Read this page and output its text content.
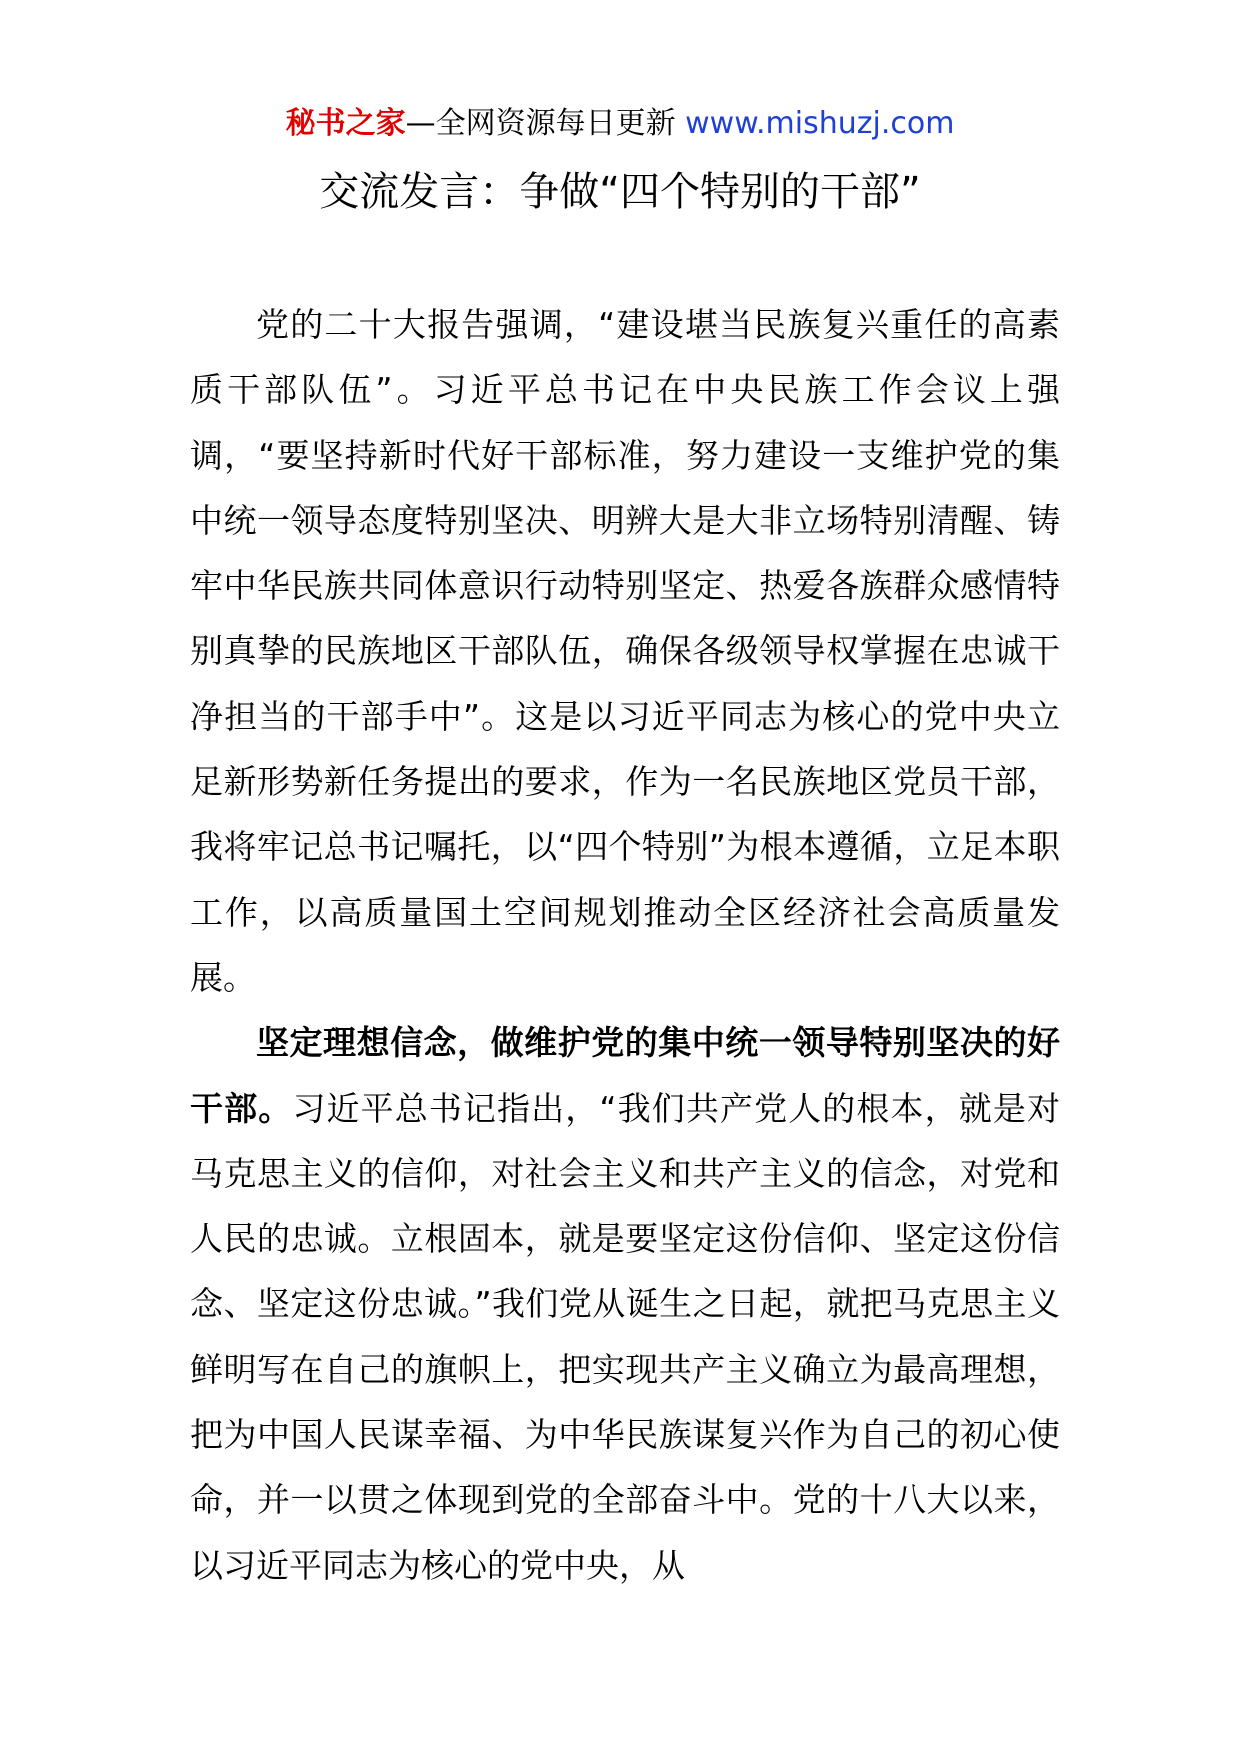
秘书之家—全网资源每日更新 www.mishuzj.com
交流发言：争做“四个特别的干部”

党的二十大报告强调，“建设堪当民族复兴重任的高素质干部队伍”。习近平总书记在中央民族工作会议上强调，“要坚持新时代好干部标准，努力建设一支维护党的集中统一领导态度特别坚决、明辨大是大非立场特别清醒、铸牢中华民族共同体意识行动特别坚定、热爱各族群众感情特别真挚的民族地区干部队伍，确保各级领导权掌握在忠诚干净担当的干部手中”。这是以习近平同志为核心的党中央立足新形势新任务提出的要求，作为一名民族地区党员干部，我将牢记总书记嘱托，以“四个特别”为根本遵循，立足本职工作，以高质量国土空间规划推动全区经济社会高质量发展。

坚定理想信念，做维护党的集中统一领导特别坚决的好干部。习近平总书记指出，“我们共产党人的根本，就是对马克思主义的信仰，对社会主义和共产主义的信念，对党和人民的忠诚。立根固本，就是要坚定这份信仰、坚定这份信念、坚定这份忠诚。”我们党从诞生之日起，就把马克思主义鲜明写在自己的旗帜上，把实现共产主义确立为最高理想，把为中国人民谋幸福、为中华民族谋复兴作为自己的初心使命，并一以贯之体现到党的全部奋斗中。党的十八大以来，以习近平同志为核心的党中央，从
